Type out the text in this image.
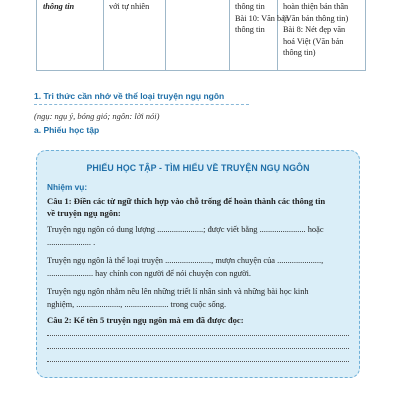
thông tin	với tự nhiên	thông tin
Bài 10: Văn bản
thông tin
hoàn thiện bản thân
(Văn bản thông tin)
Bài 8: Nét đẹp văn
hoá Việt (Văn bản
thông tin)
1. Tri thức cần nhớ về thể loại truyện ngụ ngôn
(ngụ: ngụ ý, bóng gió; ngôn: lời nói)
a. Phiếu học tập
PHIẾU HỌC TẬP - TÌM HIỂU VỀ TRUYỆN NGỤ NGÔN
Nhiệm vụ:
Câu 1: Điền các từ ngữ thích hợp vào chỗ trống để hoàn thành các thông tin
về truyện ngụ ngôn:
Truyện ngụ ngôn có dung lượng ......................; được viết bằng ...................... hoặc
..................... .
Truyện ngụ ngôn là thể loại truyện ......................, mượn chuyện của .....................,
...................... hay chính con người để nói chuyện con người.
Truyện ngụ ngôn nhằm nêu lên những triết lí nhân sinh và những bài học kinh
nghiệm, ....................., ..................... trong cuộc sống.
Câu 2: Kể tên 5 truyện ngụ ngôn mà em đã được đọc:
